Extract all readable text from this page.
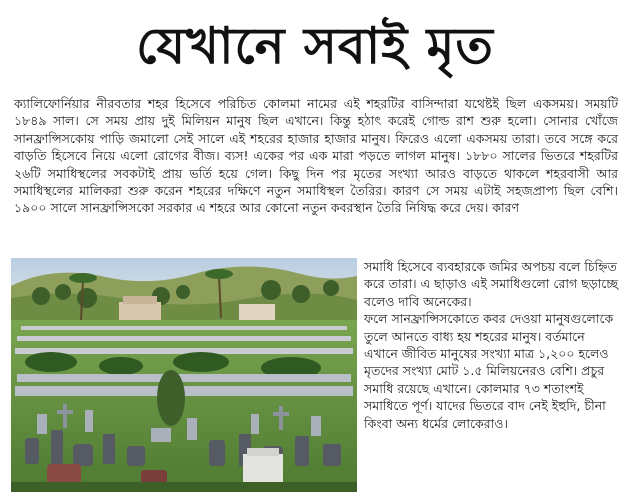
যেখানে সবাই মৃত

ক্যালিফোর্নিয়ার নীরবতার শহর হিসেবে পরিচিত কোলমা নামের এই শহরটির বাসিন্দারা যথেষ্টই ছিল একসময়। সময়টি ১৮৪৯ সাল। সে সময় প্রায় দুই মিলিয়ন মানুষ ছিল এখানে। কিন্তু হঠাৎ করেই গোল্ড রাশ শুরু হলো। সোনার খোঁজে সানফ্রান্সিসকোয় পাড়ি জমালো সেই সালে এই শহরের হাজার হাজার মানুষ। ফিরেও এলো একসময় তারা। তবে সঙ্গে করে বাড়তি হিসেবে নিয়ে এলো রোগের বীজ। ব্যস! একের পর এক মারা পড়তে লাগল মানুষ। ১৮৮০ সালের ভিতরে শহরটির ২৬টি সমাধিস্থলের সবকটাই প্রায় ভর্তি হয়ে গেল। কিছু দিন পর মৃতের সংখ্যা আরও বাড়তে থাকলে শহরবাসী আর সমাধিস্থলের মালিকরা শুরু করেন শহরের দক্ষিণে নতুন সমাধিস্থল তৈরির। কারণ সে সময় এটাই সহজপ্রাপ্য ছিল বেশি। ১৯০০ সালে সানফ্রান্সিসকো সরকার এ শহরে আর কোনো নতুন কবরস্থান তৈরি নিষিদ্ধ করে দেয়। কারণ

সমাধি হিসেবে ব্যবহারকে জমির অপচয় বলে চিহ্নিত করে তারা। এ ছাড়াও এই সমাধিগুলো রোগ ছড়াচ্ছে বলেও দাবি অনেকের।

ফলে সানফ্রান্সিসকোতে কবর দেওয়া মানুষগুলোকে তুলে আনতে বাধ্য হয় শহরের মানুষ। বর্তমানে এখানে জীবিত মানুষের সংখ্যা মাত্র ১,২০০ হলেও মৃতদের সংখ্যা মোট ১.৫ মিলিয়নেরও বেশি। প্রচুর সমাধি রয়েছে এখানে। কোলমার ৭৩ শতাংশই সমাধিতে পূর্ণ। যাদের ভিতরে বাদ নেই ইহুদি, চীনা কিংবা অন্য ধর্মের লোকেরাও।
